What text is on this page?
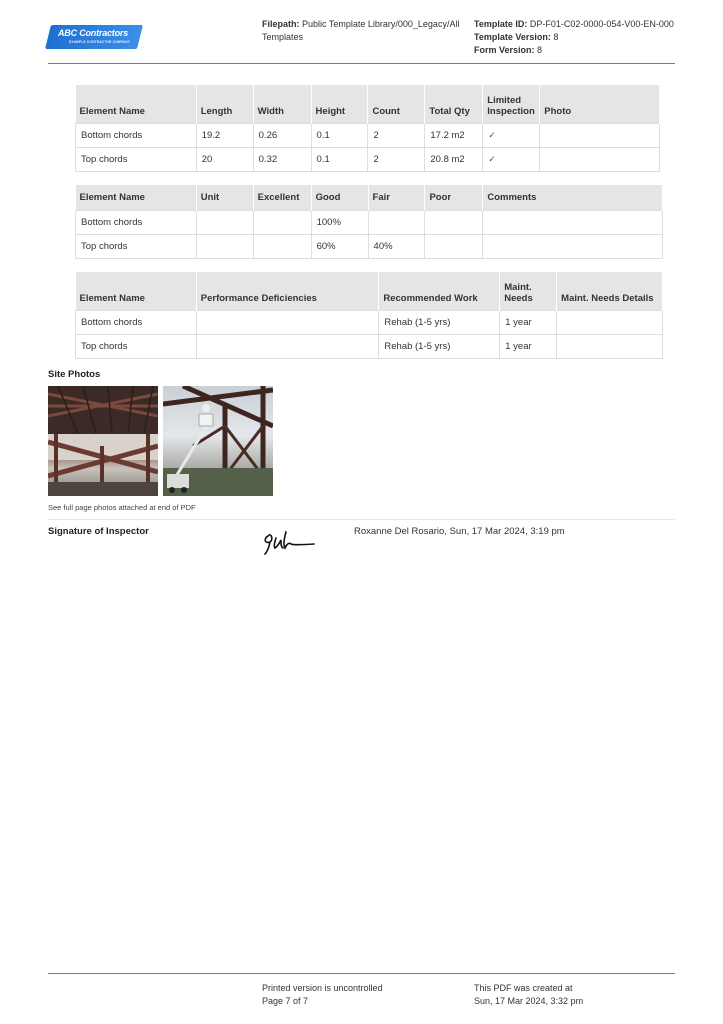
ABC Contractors
EXAMPLE CONTRACTOR COMPANY
Filepath: Public Template Library/000_Legacy/All Templates
Template ID: DP-F01-C02-0000-054-V00-EN-000
Template Version: 8
Form Version: 8
Element Name	Length	Width	Height	Count	Total Qty	Limited Inspection	Photo
Bottom chords	19.2	0.26	0.1	2	17.2 m2	✓	
Top chords	20	0.32	0.1	2	20.8 m2	✓	
Element Name	Unit	Excellent	Good	Fair	Poor	Comments
Bottom chords			100%			
Top chords			60%	40%		
Element Name	Performance Deficiencies	Recommended Work	Maint. Needs	Maint. Needs Details
Bottom chords		Rehab (1-5 yrs)	1 year	
Top chords		Rehab (1-5 yrs)	1 year	
Site Photos
See full page photos attached at end of PDF
Signature of Inspector	Roxanne Del Rosario, Sun, 17 Mar 2024, 3:19 pm
Printed version is uncontrolled
Page 7 of 7
This PDF was created at
Sun, 17 Mar 2024, 3:32 pm
